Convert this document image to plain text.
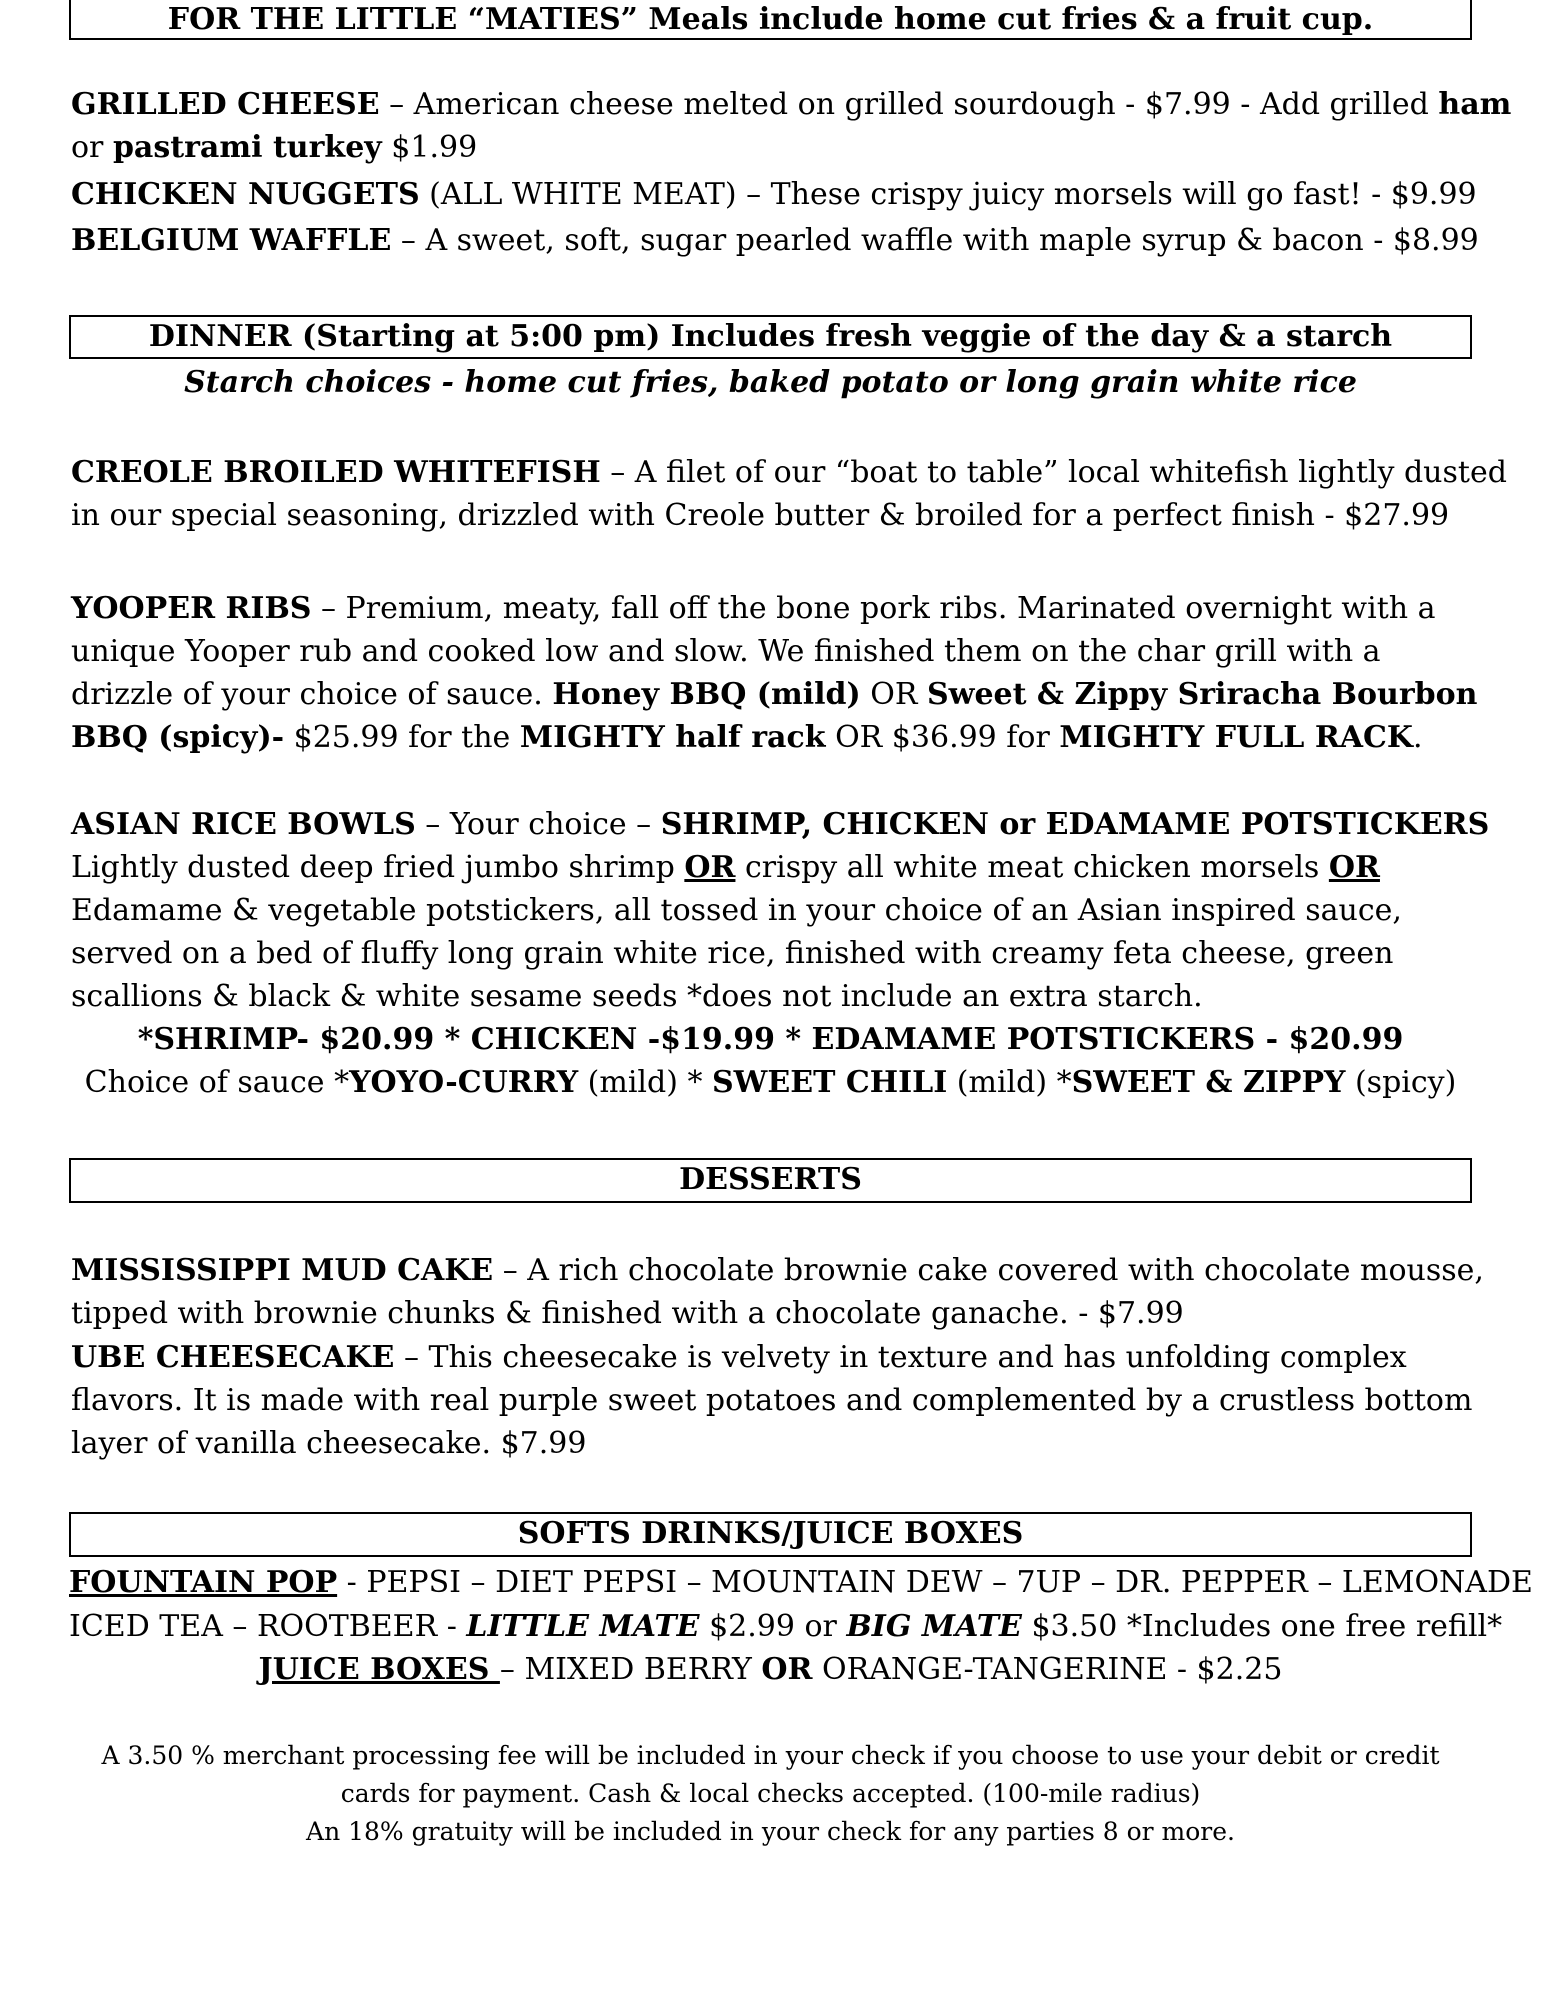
FOR THE LITTLE “MATIES” Meals include home cut fries & a fruit cup.
GRILLED CHEESE – American cheese melted on grilled sourdough - $7.99 - Add grilled ham
or pastrami turkey $1.99
CHICKEN NUGGETS (ALL WHITE MEAT) – These crispy juicy morsels will go fast! - $9.99
BELGIUM WAFFLE – A sweet, soft, sugar pearled waffle with maple syrup & bacon - $8.99
DINNER (Starting at 5:00 pm) Includes fresh veggie of the day & a starch
Starch choices - home cut fries, baked potato or long grain white rice
CREOLE BROILED WHITEFISH – A filet of our “boat to table” local whitefish lightly dusted
in our special seasoning, drizzled with Creole butter & broiled for a perfect finish - $27.99
YOOPER RIBS – Premium, meaty, fall off the bone pork ribs. Marinated overnight with a
unique Yooper rub and cooked low and slow. We finished them on the char grill with a
drizzle of your choice of sauce. Honey BBQ (mild) OR Sweet & Zippy Sriracha Bourbon
BBQ (spicy)- $25.99 for the MIGHTY half rack OR $36.99 for MIGHTY FULL RACK.
ASIAN RICE BOWLS – Your choice – SHRIMP, CHICKEN or EDAMAME POTSTICKERS
Lightly dusted deep fried jumbo shrimp OR crispy all white meat chicken morsels OR
Edamame & vegetable potstickers, all tossed in your choice of an Asian inspired sauce,
served on a bed of fluffy long grain white rice, finished with creamy feta cheese, green
scallions & black & white sesame seeds *does not include an extra starch.
*SHRIMP- $20.99 * CHICKEN -$19.99 * EDAMAME POTSTICKERS - $20.99
Choice of sauce *YOYO-CURRY (mild) * SWEET CHILI (mild) *SWEET & ZIPPY (spicy)
DESSERTS
MISSISSIPPI MUD CAKE – A rich chocolate brownie cake covered with chocolate mousse,
tipped with brownie chunks & finished with a chocolate ganache. - $7.99
UBE CHEESECAKE – This cheesecake is velvety in texture and has unfolding complex
flavors. It is made with real purple sweet potatoes and complemented by a crustless bottom
layer of vanilla cheesecake. $7.99
SOFTS DRINKS/JUICE BOXES
FOUNTAIN POP - PEPSI – DIET PEPSI – MOUNTAIN DEW – 7UP – DR. PEPPER – LEMONADE
ICED TEA – ROOTBEER - LITTLE MATE $2.99 or BIG MATE $3.50 *Includes one free refill*
JUICE BOXES – MIXED BERRY OR ORANGE-TANGERINE - $2.25
A 3.50 % merchant processing fee will be included in your check if you choose to use your debit or credit
cards for payment. Cash & local checks accepted. (100-mile radius)
An 18% gratuity will be included in your check for any parties 8 or more.
